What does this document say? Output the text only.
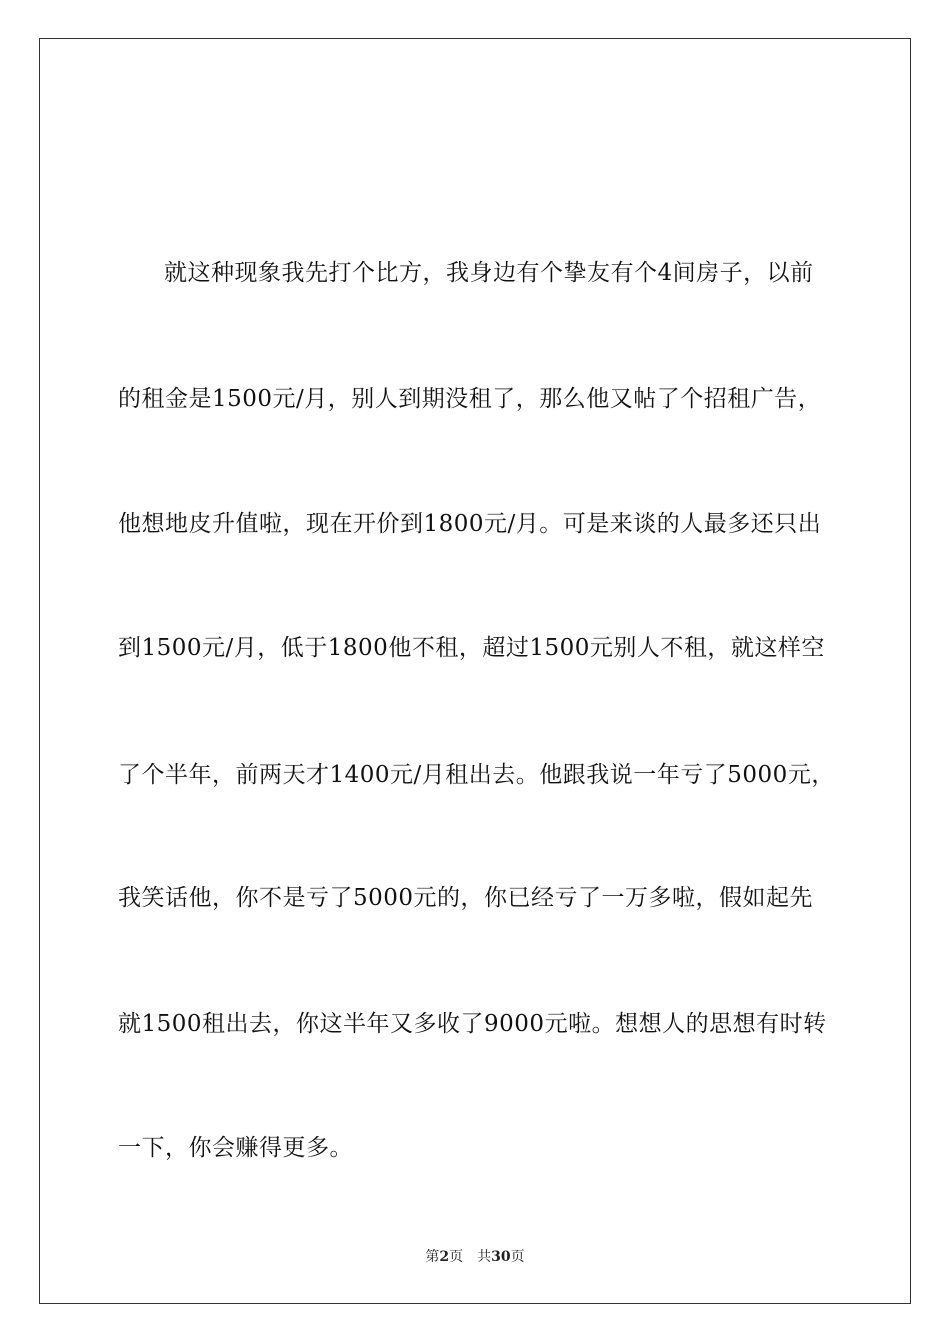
就这种现象我先打个比方，我身边有个挚友有个4间房子，以前
的租金是1500元/月，别人到期没租了，那么他又帖了个招租广告，
他想地皮升值啦，现在开价到1800元/月。可是来谈的人最多还只出
到1500元/月，低于1800他不租，超过1500元别人不租，就这样空
了个半年，前两天才1400元/月租出去。他跟我说一年亏了5000元，
我笑话他，你不是亏了5000元的，你已经亏了一万多啦，假如起先
就1500租出去，你这半年又多收了9000元啦。想想人的思想有时转
一下，你会赚得更多。
第2页 共30页
